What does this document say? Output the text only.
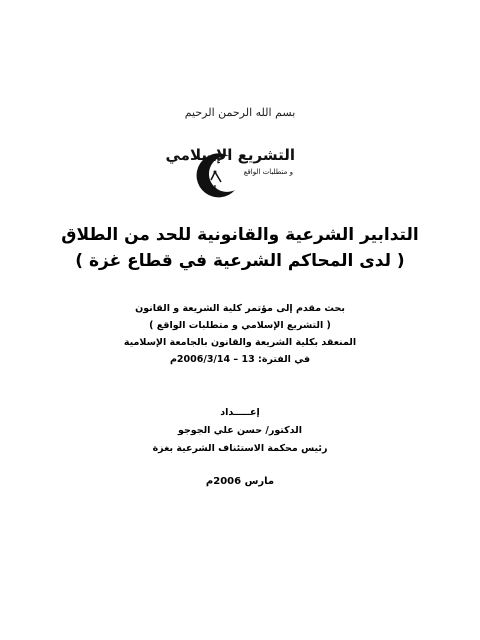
بسم الله الرحمن الرحيم
التشريع الإسلامي
و متطلبات الواقع
التدابير الشرعية والقانونية للحد من الطلاق
( لدى المحاكم الشرعية في قطاع غزة )
بحث مقدم إلى مؤتمر كلية الشريعة و القانون
( التشريع الإسلامي و متطلبات الواقع )
المنعقد بكلية الشريعة والقانون بالجامعة الإسلامية
في الفترة: 13 – 2006/3/14م
إعـــــداد
الدكتور/ حسن علي الجوجو
رئيس محكمة الاستئناف الشرعية بغزة
مارس 2006م
